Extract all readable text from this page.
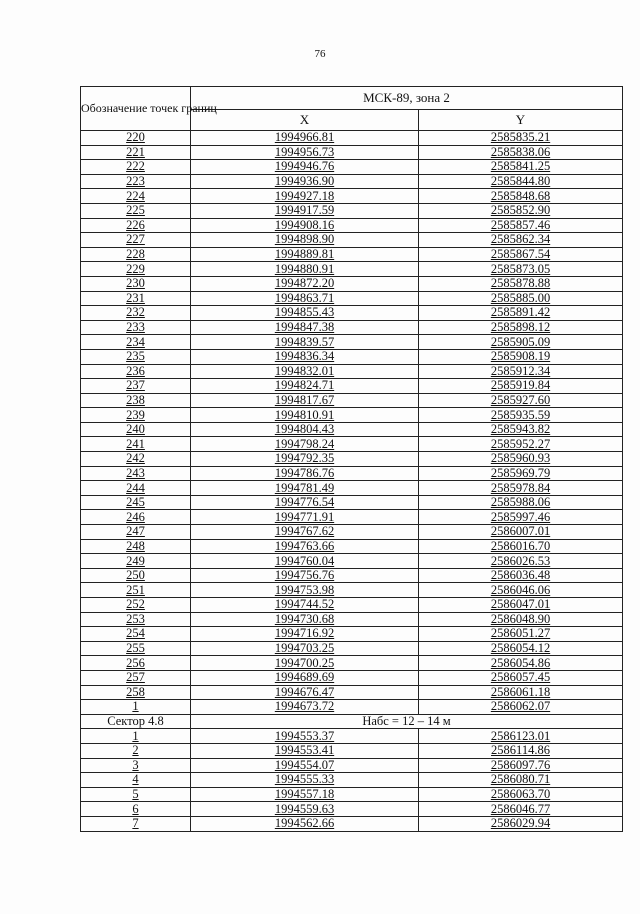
76
Обозначение точек границ	МСК-89, зона 2	
	X	Y
220	1994966.81	2585835.21
221	1994956.73	2585838.06
222	1994946.76	2585841.25
223	1994936.90	2585844.80
224	1994927.18	2585848.68
225	1994917.59	2585852.90
226	1994908.16	2585857.46
227	1994898.90	2585862.34
228	1994889.81	2585867.54
229	1994880.91	2585873.05
230	1994872.20	2585878.88
231	1994863.71	2585885.00
232	1994855.43	2585891.42
233	1994847.38	2585898.12
234	1994839.57	2585905.09
235	1994836.34	2585908.19
236	1994832.01	2585912.34
237	1994824.71	2585919.84
238	1994817.67	2585927.60
239	1994810.91	2585935.59
240	1994804.43	2585943.82
241	1994798.24	2585952.27
242	1994792.35	2585960.93
243	1994786.76	2585969.79
244	1994781.49	2585978.84
245	1994776.54	2585988.06
246	1994771.91	2585997.46
247	1994767.62	2586007.01
248	1994763.66	2586016.70
249	1994760.04	2586026.53
250	1994756.76	2586036.48
251	1994753.98	2586046.06
252	1994744.52	2586047.01
253	1994730.68	2586048.90
254	1994716.92	2586051.27
255	1994703.25	2586054.12
256	1994700.25	2586054.86
257	1994689.69	2586057.45
258	1994676.47	2586061.18
1	1994673.72	2586062.07
Сектор 4.8	Набс = 12 – 14 м	
1	1994553.37	2586123.01
2	1994553.41	2586114.86
3	1994554.07	2586097.76
4	1994555.33	2586080.71
5	1994557.18	2586063.70
6	1994559.63	2586046.77
7	1994562.66	2586029.94
